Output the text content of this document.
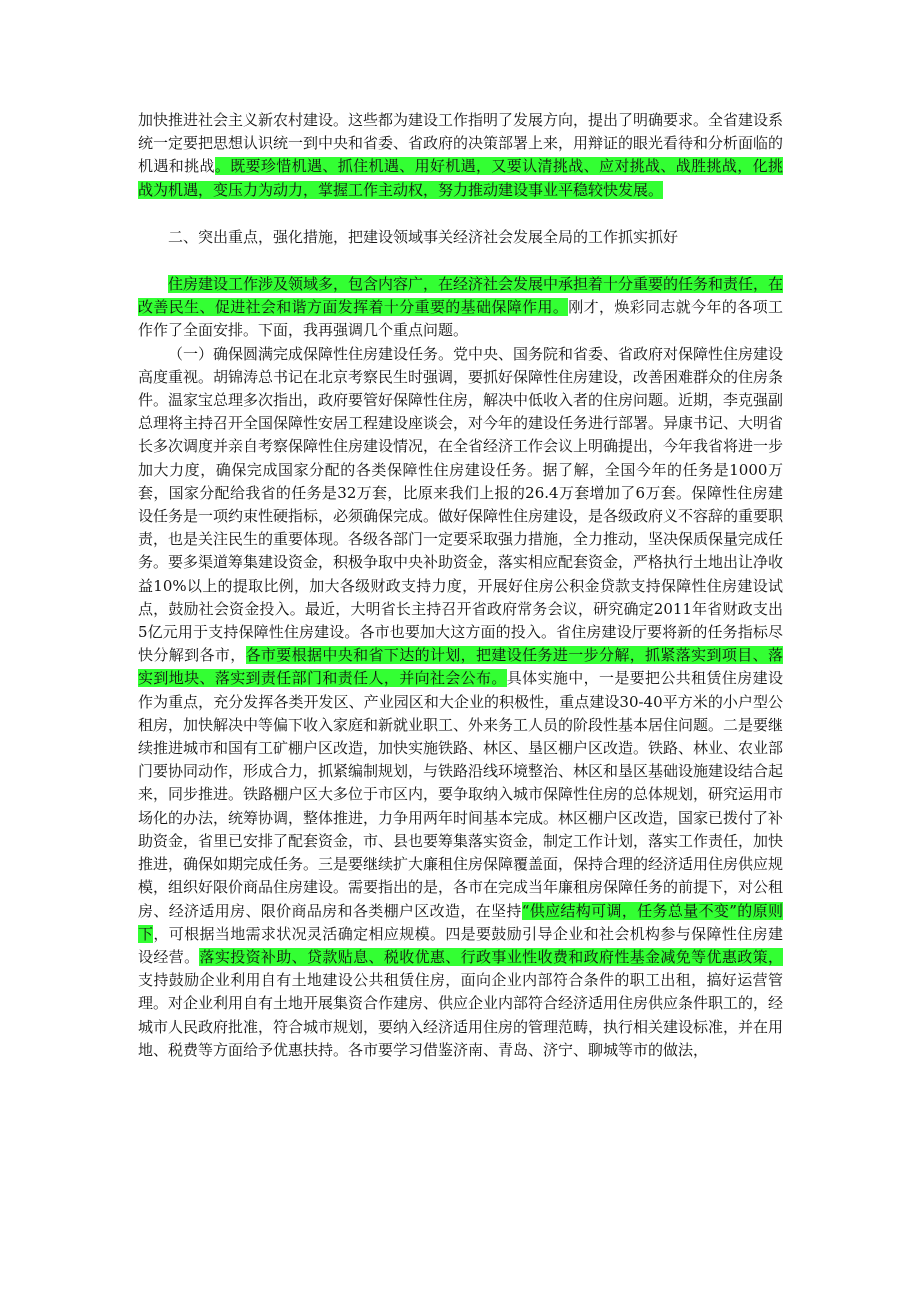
加快推进社会主义新农村建设。这些都为建设工作指明了发展方向，提出了明确要求。全省建设系统一定要把思想认识统一到中央和省委、省政府的决策部署上来，用辩证的眼光看待和分析面临的机遇和挑战。既要珍惜机遇、抓住机遇、用好机遇，又要认清挑战、应对挑战、战胜挑战，化挑战为机遇，变压力为动力，掌握工作主动权，努力推动建设事业平稳较快发展。

二、突出重点，强化措施，把建设领域事关经济社会发展全局的工作抓实抓好

住房建设工作涉及领域多，包含内容广，在经济社会发展中承担着十分重要的任务和责任，在改善民生、促进社会和谐方面发挥着十分重要的基础保障作用。刚才，焕彩同志就今年的各项工作作了全面安排。下面，我再强调几个重点问题。

（一）确保圆满完成保障性住房建设任务。党中央、国务院和省委、省政府对保障性住房建设高度重视。胡锦涛总书记在北京考察民生时强调，要抓好保障性住房建设，改善困难群众的住房条件。温家宝总理多次指出，政府要管好保障性住房，解决中低收入者的住房问题。近期，李克强副总理将主持召开全国保障性安居工程建设座谈会，对今年的建设任务进行部署。异康书记、大明省长多次调度并亲自考察保障性住房建设情况，在全省经济工作会议上明确提出，今年我省将进一步加大力度，确保完成国家分配的各类保障性住房建设任务。据了解，全国今年的任务是1000万套，国家分配给我省的任务是32万套，比原来我们上报的26.4万套增加了6万套。保障性住房建设任务是一项约束性硬指标，必须确保完成。做好保障性住房建设，是各级政府义不容辞的重要职责，也是关注民生的重要体现。各级各部门一定要采取强力措施，全力推动，坚决保质保量完成任务。要多渠道筹集建设资金，积极争取中央补助资金，落实相应配套资金，严格执行土地出让净收益10%以上的提取比例，加大各级财政支持力度，开展好住房公积金贷款支持保障性住房建设试点，鼓励社会资金投入。最近，大明省长主持召开省政府常务会议，研究确定2011年省财政支出5亿元用于支持保障性住房建设。各市也要加大这方面的投入。省住房建设厅要将新的任务指标尽快分解到各市，各市要根据中央和省下达的计划，把建设任务进一步分解，抓紧落实到项目、落实到地块、落实到责任部门和责任人，并向社会公布。具体实施中，一是要把公共租赁住房建设作为重点，充分发挥各类开发区、产业园区和大企业的积极性，重点建设30-40平方米的小户型公租房，加快解决中等偏下收入家庭和新就业职工、外来务工人员的阶段性基本居住问题。二是要继续推进城市和国有工矿棚户区改造，加快实施铁路、林区、垦区棚户区改造。铁路、林业、农业部门要协同动作，形成合力，抓紧编制规划，与铁路沿线环境整治、林区和垦区基础设施建设结合起来，同步推进。铁路棚户区大多位于市区内，要争取纳入城市保障性住房的总体规划，研究运用市场化的办法，统筹协调，整体推进，力争用两年时间基本完成。林区棚户区改造，国家已拨付了补助资金，省里已安排了配套资金，市、县也要筹集落实资金，制定工作计划，落实工作责任，加快推进，确保如期完成任务。三是要继续扩大廉租住房保障覆盖面，保持合理的经济适用住房供应规模，组织好限价商品住房建设。需要指出的是，各市在完成当年廉租房保障任务的前提下，对公租房、经济适用房、限价商品房和各类棚户区改造，在坚持“供应结构可调，任务总量不变”的原则下，可根据当地需求状况灵活确定相应规模。四是要鼓励引导企业和社会机构参与保障性住房建设经营。落实投资补助、贷款贴息、税收优惠、行政事业性收费和政府性基金减免等优惠政策，支持鼓励企业利用自有土地建设公共租赁住房，面向企业内部符合条件的职工出租，搞好运营管理。对企业利用自有土地开展集资合作建房、供应企业内部符合经济适用住房供应条件职工的，经城市人民政府批准，符合城市规划，要纳入经济适用住房的管理范畴，执行相关建设标准，并在用地、税费等方面给予优惠扶持。各市要学习借鉴济南、青岛、济宁、聊城等市的做法，
